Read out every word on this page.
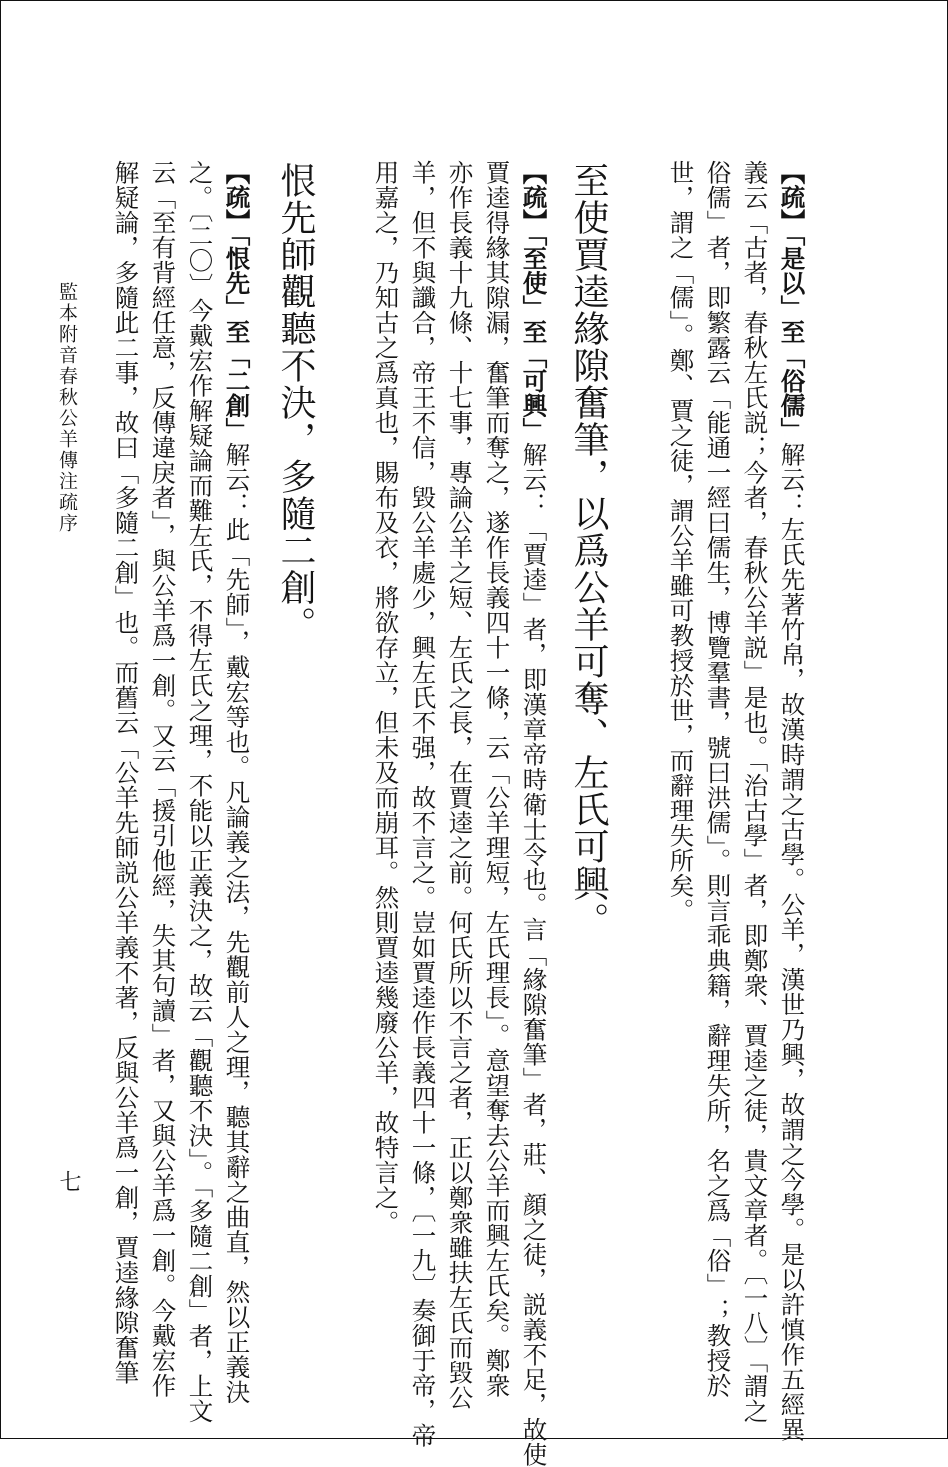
【疏】「是以」至「俗儒」解云：左氏先著竹帛，故漢時謂之古學。公羊，漢世乃興，故謂之今學。是以許慎作五經異
義云「古者，春秋左氏説；今者，春秋公羊説」是也。「治古學」者，即鄭衆、賈逵之徒，貴文章者。〔一八〕「謂之
俗儒」者，即繁露云「能通一經曰儒生，博覽羣書，號曰洪儒」。則言乖典籍，辭理失所，名之爲「俗」；教授於
世，謂之「儒」。鄭、賈之徒，謂公羊雖可教授於世，而辭理失所矣。
至使賈逵緣隙奮筆，以爲公羊可奪、左氏可興。
【疏】「至使」至「可興」解云：「賈逵」者，即漢章帝時衛士令也。言「緣隙奮筆」者，莊、顔之徒，説義不足，故使
賈逵得緣其隙漏，奮筆而奪之，遂作長義四十一條，云「公羊理短，左氏理長」。意望奪去公羊而興左氏矣。鄭衆
亦作長義十九條、十七事，專論公羊之短、左氏之長，在賈逵之前。何氏所以不言之者，正以鄭衆雖扶左氏而毀公
羊，但不與讖合，帝王不信，毀公羊處少，興左氏不强，故不言之。豈如賈逵作長義四十一條，〔一九〕奏御于帝，帝
用嘉之，乃知古之爲真也，賜布及衣，將欲存立，但未及而崩耳。然則賈逵幾廢公羊，故特言之。
恨先師觀聽不決，多隨二創。
【疏】「恨先」至「二創」解云：此「先師」，戴宏等也。凡論義之法，先觀前人之理，聽其辭之曲直，然以正義決
之。〔二〇〕今戴宏作解疑論而難左氏，不得左氏之理，不能以正義決之，故云「觀聽不決」。「多隨二創」者，上文
云「至有背經任意，反傳違戾者」，與公羊爲一創。又云「援引他經，失其句讀」者，又與公羊爲一創。今戴宏作
解疑論，多隨此二事，故曰「多隨二創」也。而舊云「公羊先師説公羊義不著，反與公羊爲一創，賈逵緣隙奮筆
監本附音春秋公羊傳注疏序
七
